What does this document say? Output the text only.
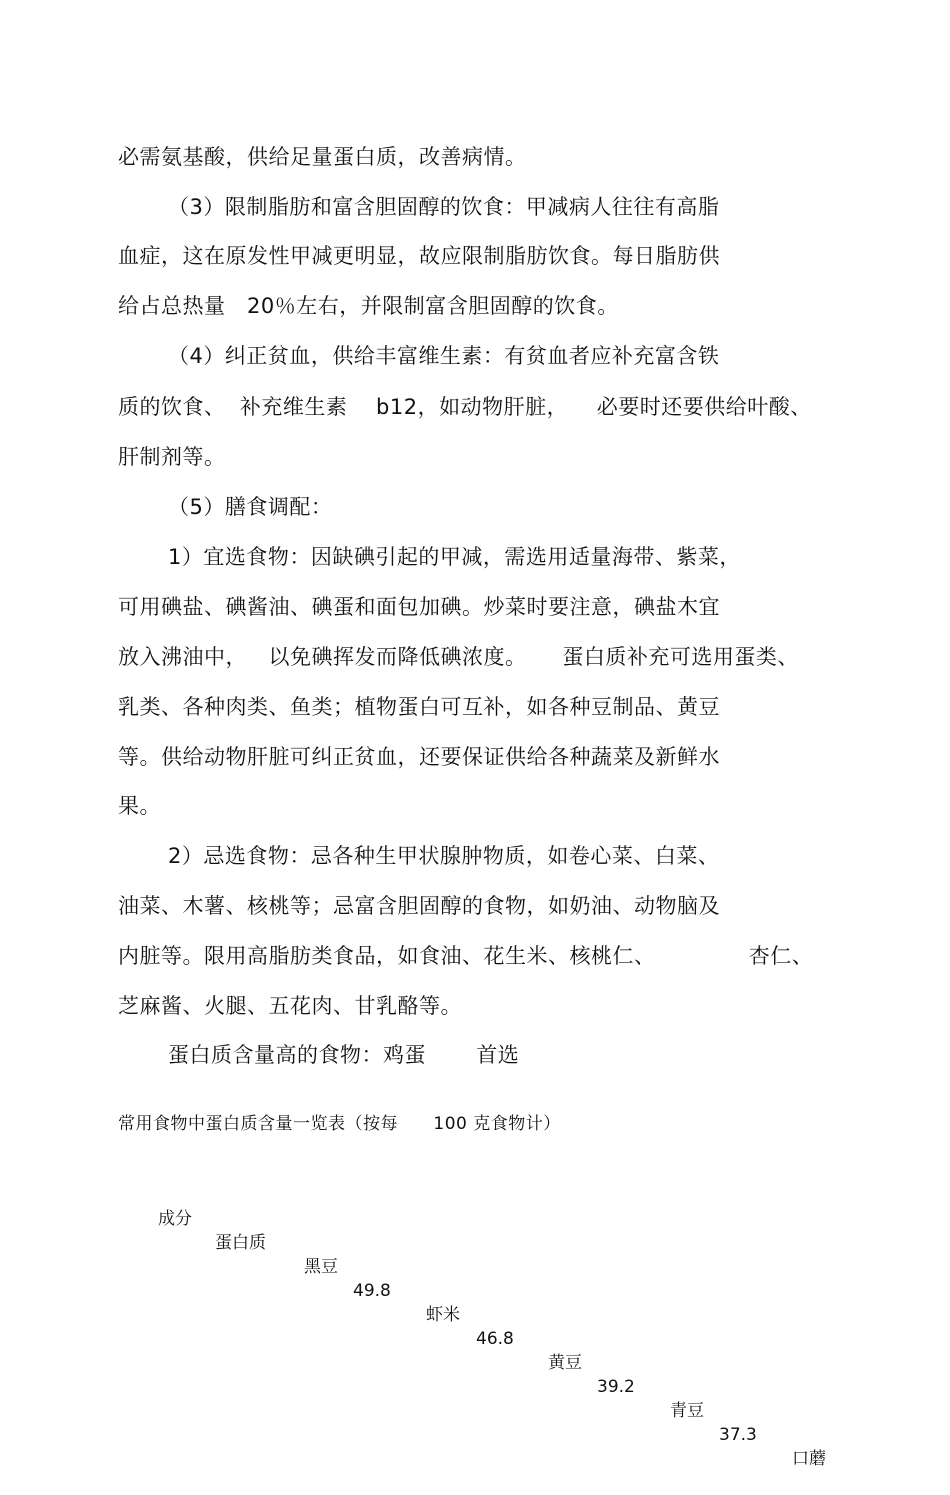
必需氨基酸，供给足量蛋白质，改善病情。
（3）限制脂肪和富含胆固醇的饮食：甲减病人往往有高脂
血症，这在原发性甲减更明显，故应限制脂肪饮食。每日脂肪供
给占总热量   20％左右，并限制富含胆固醇的饮食。
（4）纠正贫血，供给丰富维生素：有贫血者应补充富含铁
质的饮食、  补充维生素    b12，如动物肝脏，    必要时还要供给叶酸、
肝制剂等。
（5）膳食调配：
1）宜选食物：因缺碘引起的甲减，需选用适量海带、紫菜，
可用碘盐、碘酱油、碘蛋和面包加碘。炒菜时要注意，碘盐木宜
放入沸油中，   以免碘挥发而降低碘浓度。     蛋白质补充可选用蛋类、
乳类、各种肉类、鱼类；植物蛋白可互补，如各种豆制品、黄豆
等。供给动物肝脏可纠正贫血，还要保证供给各种蔬菜及新鲜水
果。
2）忌选食物：忌各种生甲状腺肿物质，如卷心菜、白菜、
油菜、木薯、核桃等；忌富含胆固醇的食物，如奶油、动物脑及
内脏等。限用高脂肪类食品，如食油、花生米、核桃仁、             杏仁、
芝麻酱、火腿、五花肉、甘乳酪等。
蛋白质含量高的食物：鸡蛋       首选
常用食物中蛋白质含量一览表（按每      100 克食物计）

成分

蛋白质

黑豆

49.8

虾米

46.8

黄豆

39.2

青豆

37.3

口蘑
